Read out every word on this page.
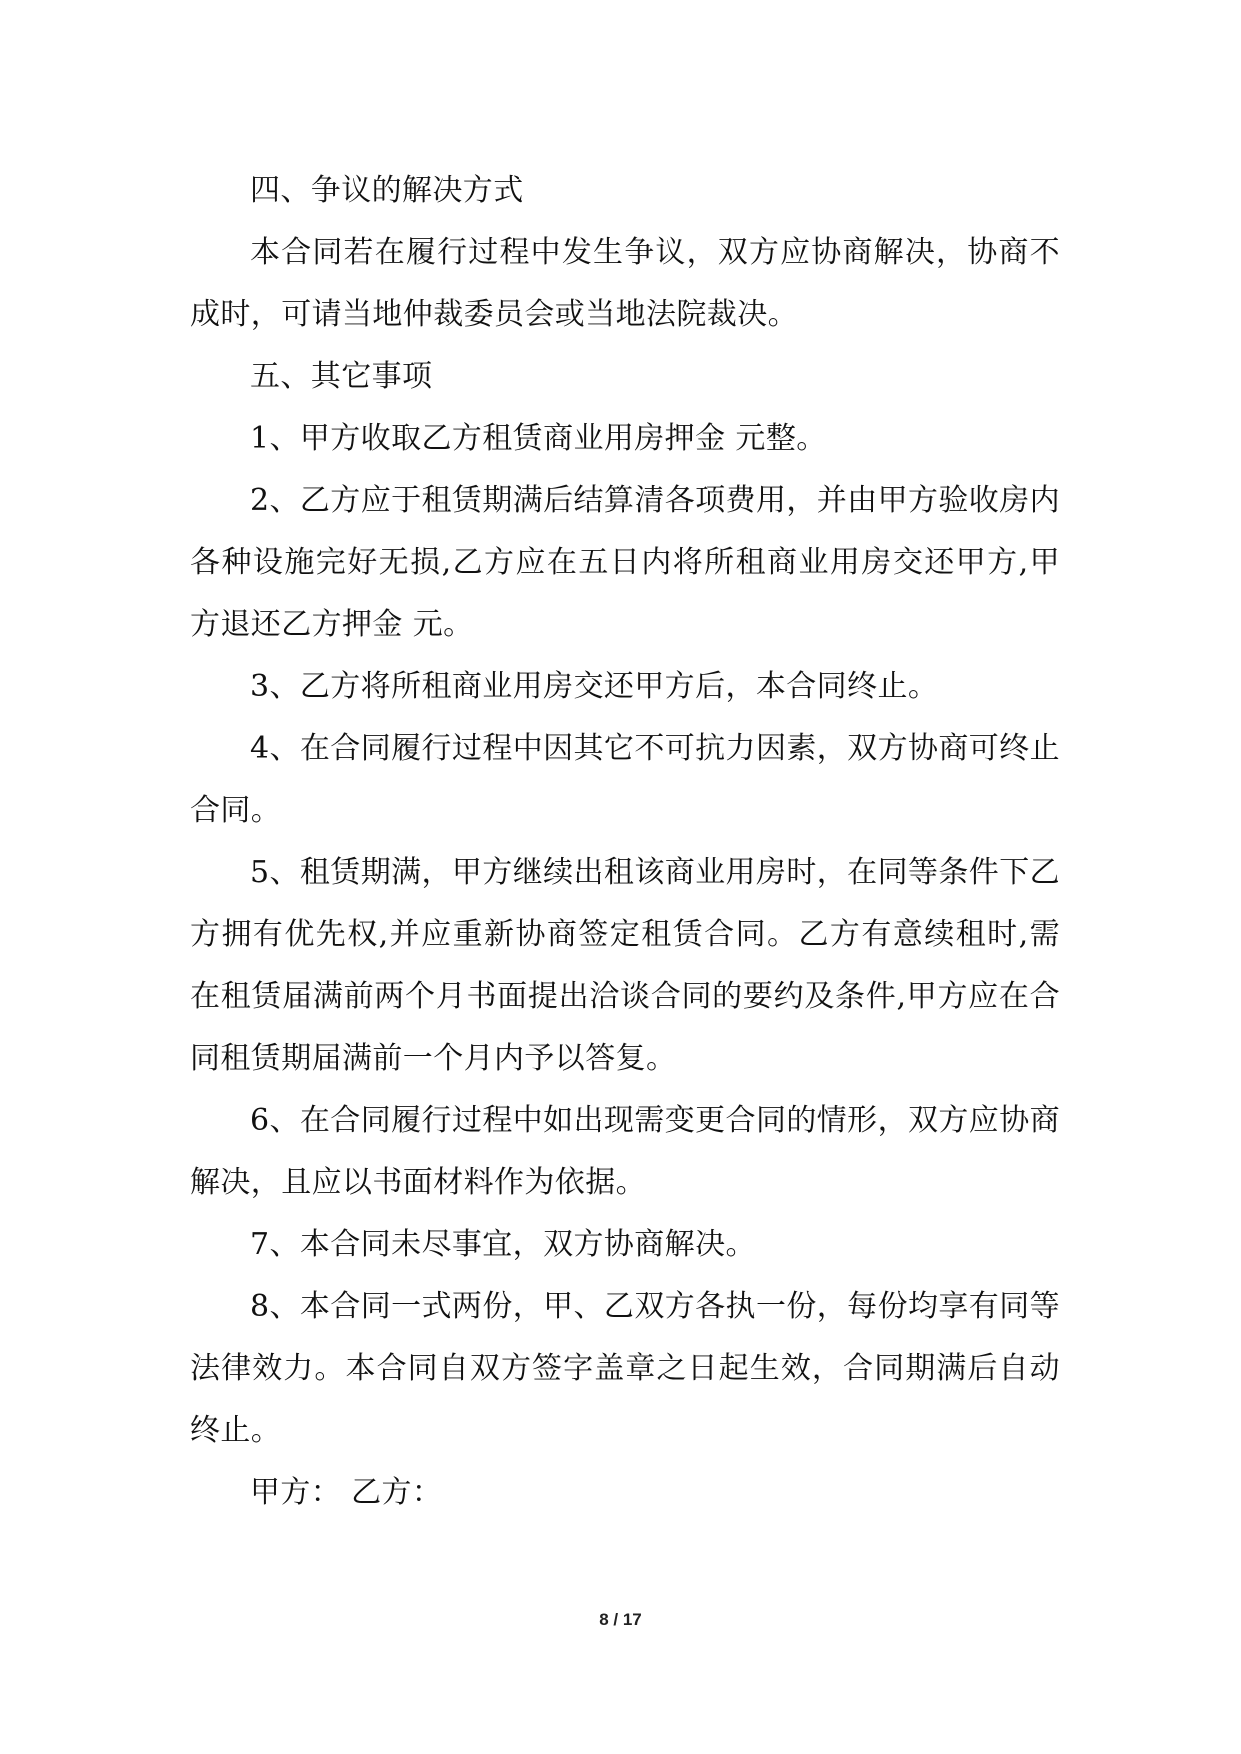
四、争议的解决方式

本合同若在履行过程中发生争议，双方应协商解决，协商不成时，可请当地仲裁委员会或当地法院裁决。

五、其它事项

1、甲方收取乙方租赁商业用房押金 元整。

2、乙方应于租赁期满后结算清各项费用，并由甲方验收房内各种设施完好无损,乙方应在五日内将所租商业用房交还甲方,甲方退还乙方押金 元。

3、乙方将所租商业用房交还甲方后，本合同终止。

4、在合同履行过程中因其它不可抗力因素，双方协商可终止合同。

5、租赁期满，甲方继续出租该商业用房时，在同等条件下乙方拥有优先权,并应重新协商签定租赁合同。乙方有意续租时,需在租赁届满前两个月书面提出洽谈合同的要约及条件,甲方应在合同租赁期届满前一个月内予以答复。

6、在合同履行过程中如出现需变更合同的情形，双方应协商解决，且应以书面材料作为依据。

7、本合同未尽事宜，双方协商解决。

8、本合同一式两份，甲、乙双方各执一份，每份均享有同等法律效力。本合同自双方签字盖章之日起生效，合同期满后自动终止。

甲方： 乙方：

8 / 17
